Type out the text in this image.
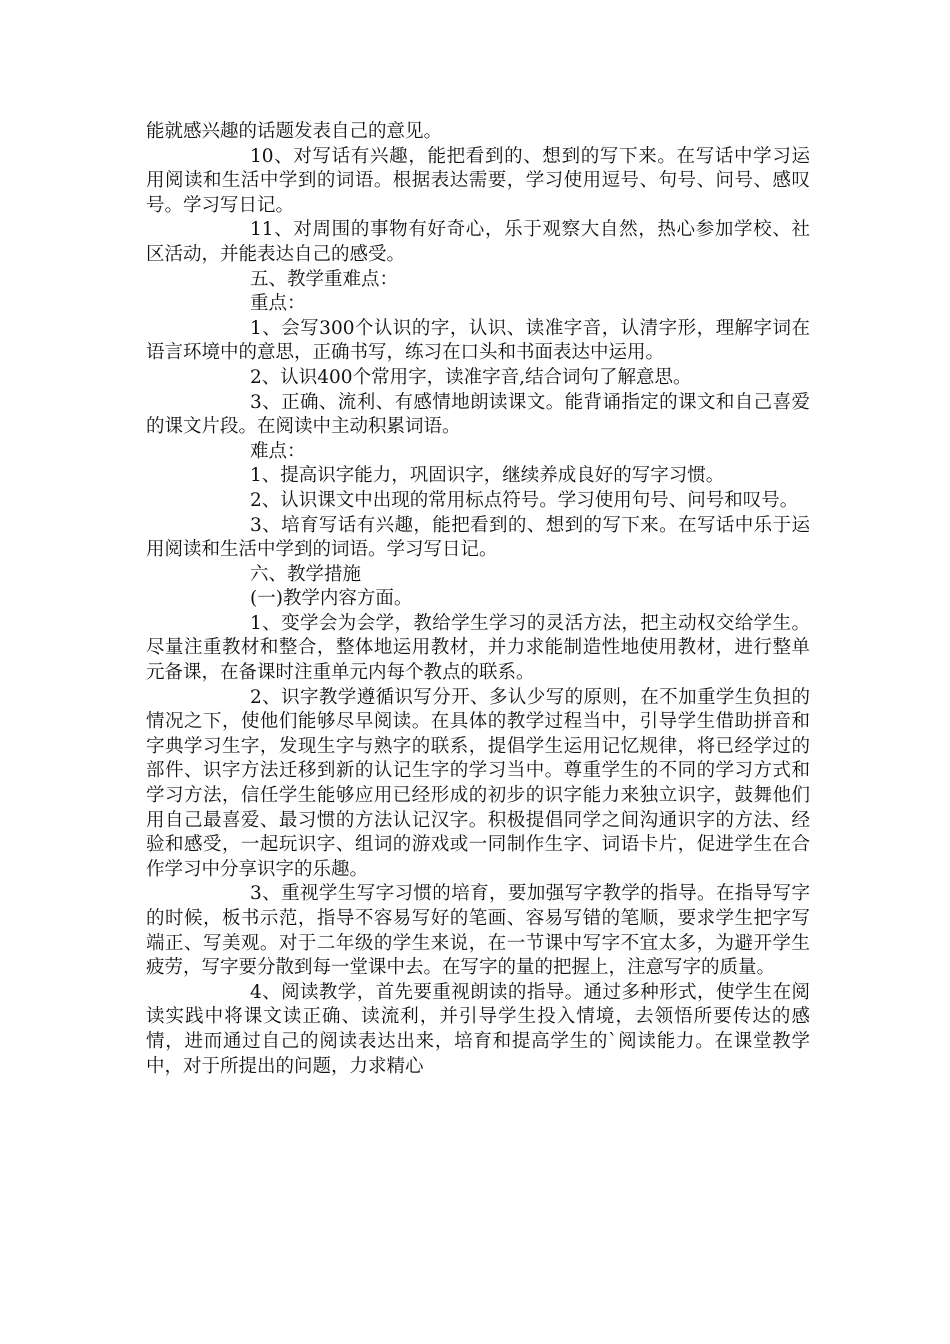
能就感兴趣的话题发表自己的意见。

10、对写话有兴趣，能把看到的、想到的写下来。在写话中学习运用阅读和生活中学到的词语。根据表达需要，学习使用逗号、句号、问号、感叹号。学习写日记。

11、对周围的事物有好奇心，乐于观察大自然，热心参加学校、社区活动，并能表达自己的感受。

五、教学重难点：

重点：

1、会写300个认识的字，认识、读准字音，认清字形，理解字词在语言环境中的意思，正确书写，练习在口头和书面表达中运用。

2、认识400个常用字，读准字音,结合词句了解意思。

3、正确、流利、有感情地朗读课文。能背诵指定的课文和自己喜爱的课文片段。在阅读中主动积累词语。

难点：

1、提高识字能力，巩固识字，继续养成良好的写字习惯。

2、认识课文中出现的常用标点符号。学习使用句号、问号和叹号。

3、培育写话有兴趣，能把看到的、想到的写下来。在写话中乐于运用阅读和生活中学到的词语。学习写日记。

六、教学措施

(一)教学内容方面。

1、变学会为会学，教给学生学习的灵活方法，把主动权交给学生。尽量注重教材和整合，整体地运用教材，并力求能制造性地使用教材，进行整单元备课，在备课时注重单元内每个教点的联系。

2、识字教学遵循识写分开、多认少写的原则，在不加重学生负担的情况之下，使他们能够尽早阅读。在具体的教学过程当中，引导学生借助拼音和字典学习生字，发现生字与熟字的联系，提倡学生运用记忆规律，将已经学过的部件、识字方法迁移到新的认记生字的学习当中。尊重学生的不同的学习方式和学习方法，信任学生能够应用已经形成的初步的识字能力来独立识字，鼓舞他们用自己最喜爱、最习惯的方法认记汉字。积极提倡同学之间沟通识字的方法、经验和感受，一起玩识字、组词的游戏或一同制作生字、词语卡片，促进学生在合作学习中分享识字的乐趣。

3、重视学生写字习惯的培育，要加强写字教学的指导。在指导写字的时候，板书示范，指导不容易写好的笔画、容易写错的笔顺，要求学生把字写端正、写美观。对于二年级的学生来说，在一节课中写字不宜太多，为避开学生疲劳，写字要分散到每一堂课中去。在写字的量的把握上，注意写字的质量。

4、阅读教学，首先要重视朗读的指导。通过多种形式，使学生在阅读实践中将课文读正确、读流利，并引导学生投入情境，去领悟所要传达的感情，进而通过自己的阅读表达出来，培育和提高学生的`阅读能力。在课堂教学中，对于所提出的问题，力求精心
